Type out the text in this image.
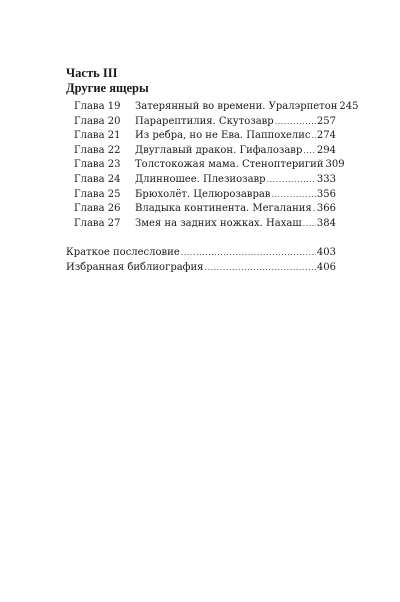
Часть III
Другие ящеры
Глава 19	Затерянный во времени. Уралэрпетон 245
Глава 20	Парарептилия. Скутозавр .....	257
Глава 21	Из ребра, но не Ева. Паппохелис ..... 274
Глава 22	Двуглавый дракон. Гифалозавр ..... 294
Глава 23	Толстокожая мама. Стеноптеригий 309
Глава 24	Длинношее. Плезиозавр .....	333
Глава 25	Брюхолёт. Целюрозаврав .....	356
Глава 26	Владыка континента. Мегалания ..... 366
Глава 27	Змея на задних ножках. Нахаш ..... 384
Краткое послесловие .....	403
Избранная библиография .....	406
